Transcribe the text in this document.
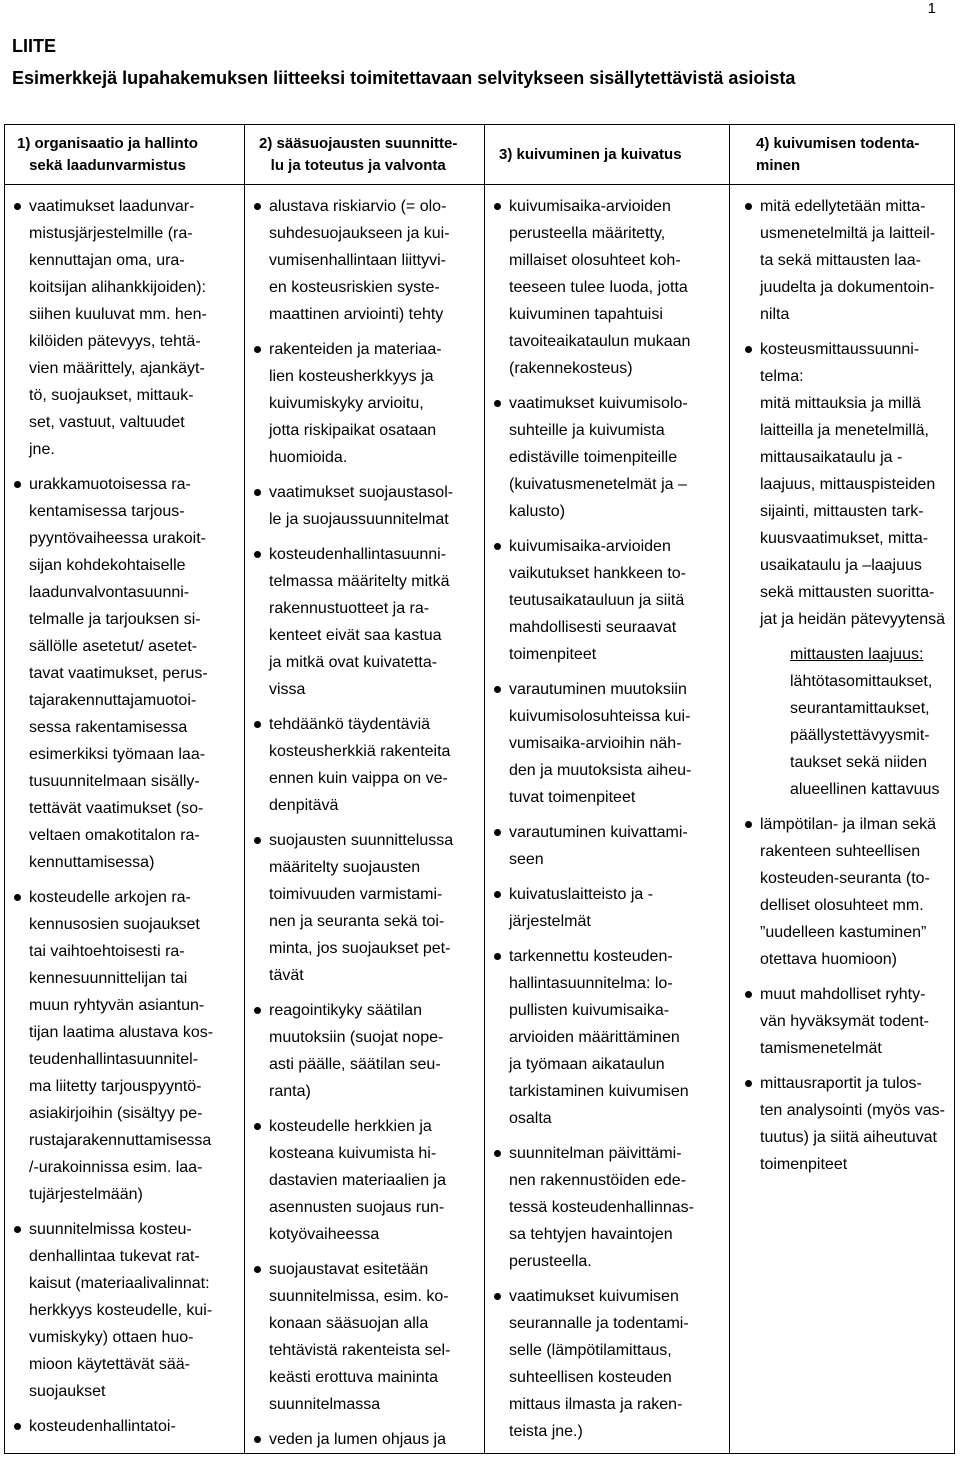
1
LIITE
Esimerkkejä lupahakemuksen liitteeksi toimitettavaan selvitykseen sisällytettävistä asioista
1) organisaatio ja hallinto
sekä laadunvarmistus
2) sääsuojausten suunnitte-
lu ja toteutus ja valvonta
3) kuivuminen ja kuivatus
4) kuivumisen todenta-
minen
vaatimukset laadunvar-
mistusjärjestelmille (ra-
kennuttajan oma, ura-
koitsijan alihankkijoiden):
siihen kuuluvat mm. hen-
kilöiden pätevyys, tehtä-
vien määrittely, ajankäyt-
tö, suojaukset, mittauk-
set, vastuut, valtuudet
jne.
urakkamuotoisessa ra-
kentamisessa tarjous-
pyyntövaiheessa urakoit-
sijan kohdekohtaiselle
laadunvalvontasuunni-
telmalle ja tarjouksen si-
sällölle asetetut/ asetet-
tavat vaatimukset, perus-
tajarakennuttajamuotoi-
sessa rakentamisessa
esimerkiksi työmaan laa-
tusuunnitelmaan sisälly-
tettävät vaatimukset (so-
veltaen omakotitalon ra-
kennuttamisessa)
kosteudelle arkojen ra-
kennusosien suojaukset
tai vaihtoehtoisesti ra-
kennesuunnittelijan tai
muun ryhtyvän asiantun-
tijan laatima alustava kos-
teudenhallintasuunnitel-
ma liitetty tarjouspyyntö-
asiakirjoihin (sisältyy pe-
rustajarakennuttamisessa
/-urakoinnissa esim. laa-
tujärjestelmään)
suunnitelmissa kosteu-
denhallintaa tukevat rat-
kaisut (materiaalivalinnat:
herkkyys kosteudelle, kui-
vumiskyky) ottaen huo-
mioon käytettävät sää-
suojaukset
kosteudenhallintatoi-
alustava riskiarvio (= olo-
suhdesuojaukseen ja kui-
vumisenhallintaan liittyvi-
en kosteusriskien syste-
maattinen arviointi) tehty
rakenteiden ja materiaa-
lien kosteusherkkyys ja
kuivumiskyky arvioitu,
jotta riskipaikat osataan
huomioida.
vaatimukset suojaustasol-
le ja suojaussuunnitelmat
kosteudenhallintasuunni-
telmassa määritelty mitkä
rakennustuotteet ja ra-
kenteet eivät saa kastua
ja mitkä ovat kuivatetta-
vissa
tehdäänkö täydentäviä
kosteusherkkiä rakenteita
ennen kuin vaippa on ve-
denpitävä
suojausten suunnittelussa
määritelty suojausten
toimivuuden varmistami-
nen ja seuranta sekä toi-
minta, jos suojaukset pet-
tävät
reagointikyky säätilan
muutoksiin (suojat nope-
asti päälle, säätilan seu-
ranta)
kosteudelle herkkien ja
kosteana kuivumista hi-
dastavien materiaalien ja
asennusten suojaus run-
kotyövaiheessa
suojaustavat esitetään
suunnitelmissa, esim. ko-
konaan sääsuojan alla
tehtävistä rakenteista sel-
keästi erottuva maininta
suunnitelmassa
veden ja lumen ohjaus ja
kuivumisaika-arvioiden
perusteella määritetty,
millaiset olosuhteet koh-
teeseen tulee luoda, jotta
kuivuminen tapahtuisi
tavoiteaikataulun mukaan
(rakennekosteus)
vaatimukset kuivumisolo-
suhteille ja kuivumista
edistäville toimenpiteille
(kuivatusmenetelmät ja –
kalusto)
kuivumisaika-arvioiden
vaikutukset hankkeen to-
teutusaikatauluun ja siitä
mahdollisesti seuraavat
toimenpiteet
varautuminen muutoksiin
kuivumisolosuhteissa kui-
vumisaika-arvioihin näh-
den ja muutoksista aiheu-
tuvat toimenpiteet
varautuminen kuivattami-
seen
kuivatuslaitteisto ja -
järjestelmät
tarkennettu kosteuden-
hallintasuunnitelma: lo-
pullisten kuivumisaika-
arvioiden määrittäminen
ja työmaan aikataulun
tarkistaminen kuivumisen
osalta
suunnitelman päivittämi-
nen rakennustöiden ede-
tessä kosteudenhallinnas-
sa tehtyjen havaintojen
perusteella.
vaatimukset kuivumisen
seurannalle ja todentami-
selle (lämpötilamittaus,
suhteellisen kosteuden
mittaus ilmasta ja raken-
teista jne.)
mitä edellytetään mitta-
usmenetelmiltä ja laitteil-
ta sekä mittausten laa-
juudelta ja dokumentoin-
nilta
kosteusmittaussuunni-
telma:
mitä mittauksia ja millä
laitteilla ja menetelmillä,
mittausaikataulu ja -
laajuus, mittauspisteiden
sijainti, mittausten tark-
kuusvaatimukset, mitta-
usaikataulu ja –laajuus
sekä mittausten suoritta-
jat ja heidän pätevyytensä
mittausten laajuus:
lähtötasomittaukset,
seurantamittaukset,
päällystettävyysmit-
taukset sekä niiden
alueellinen kattavuus
lämpötilan- ja ilman sekä
rakenteen suhteellisen
kosteuden-seuranta (to-
delliset olosuhteet mm.
”uudelleen kastuminen”
otettava huomioon)
muut mahdolliset ryhty-
vän hyväksymät todent-
tamismenetelmät
mittausraportit ja tulos-
ten analysointi (myös vas-
tuutus) ja siitä aiheutuvat
toimenpiteet
